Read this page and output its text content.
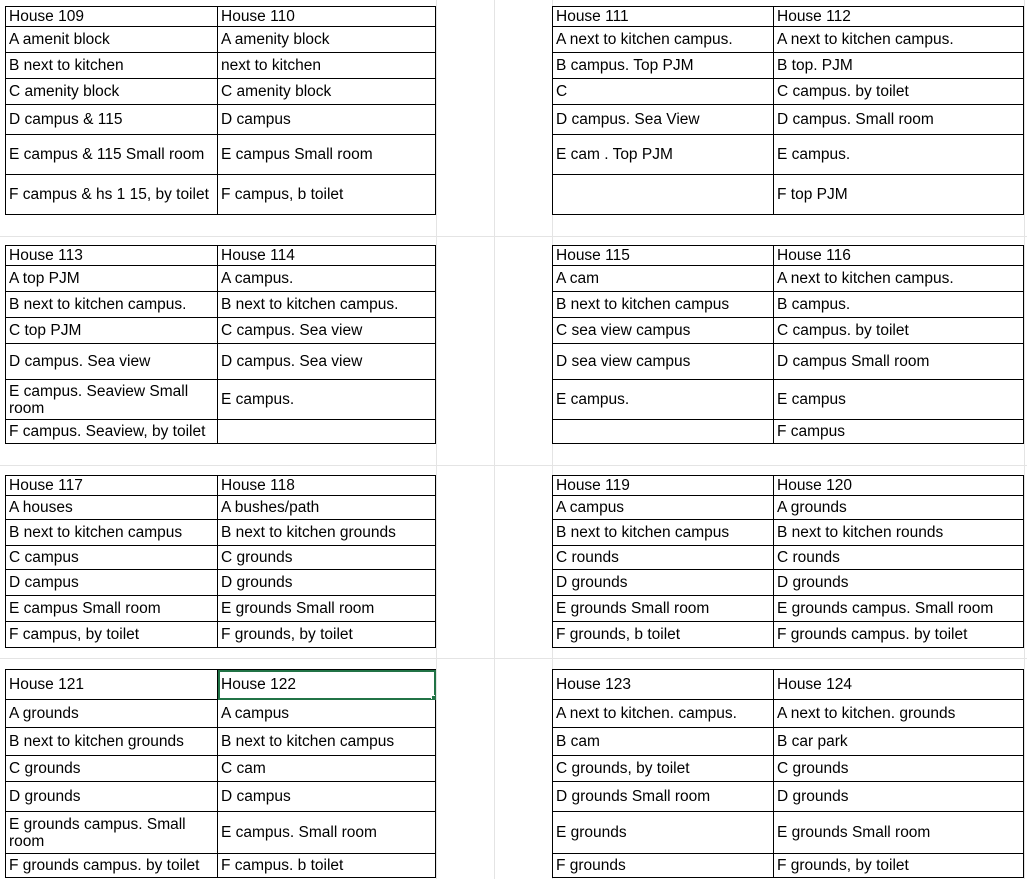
House 109	House 110
A amenit block	A amenity block
B next to kitchen	next to kitchen
C amenity block	C amenity block
D campus & 115	D campus
E campus & 115 Small room	E campus Small room
F campus & hs 1 15, by toilet	F campus, b toilet
House 111	House 112
A next to kitchen campus.	A next to kitchen campus.
B campus. Top PJM	B top. PJM
C	C campus. by toilet
D campus. Sea View	D campus. Small room
E cam . Top PJM	E campus.
	F top PJM
House 113	House 114
A top PJM	A campus.
B next to kitchen campus.	B next to kitchen campus.
C top PJM	C campus. Sea view
D campus. Sea view	D campus. Sea view
E campus. Seaview Small room	E campus.
F campus. Seaview, by toilet	
House 115	House 116
A cam	A next to kitchen campus.
B next to kitchen campus	B campus.
C sea view campus	C campus. by toilet
D sea view campus	D campus Small room
E campus.	E campus
	F campus
House 117	House 118
A houses	A bushes/path
B next to kitchen campus	B next to kitchen grounds
C campus	C grounds
D campus	D grounds
E campus Small room	E grounds Small room
F campus, by toilet	F grounds, by toilet
House 119	House 120
A campus	A grounds
B next to kitchen campus	B next to kitchen rounds
C rounds	C rounds
D grounds	D grounds
E grounds Small room	E grounds campus. Small room
F grounds, b toilet	F grounds campus. by toilet
House 121	House 122
A grounds	A campus
B next to kitchen grounds	B next to kitchen campus
C grounds	C cam
D grounds	D campus
E grounds campus. Small room	E campus. Small room
F grounds campus. by toilet	F campus. b toilet
House 123	House 124
A next to kitchen. campus.	A next to kitchen. grounds
B cam	B car park
C grounds, by toilet	C grounds
D grounds Small room	D grounds
E grounds	E grounds Small room
F grounds	F grounds, by toilet
